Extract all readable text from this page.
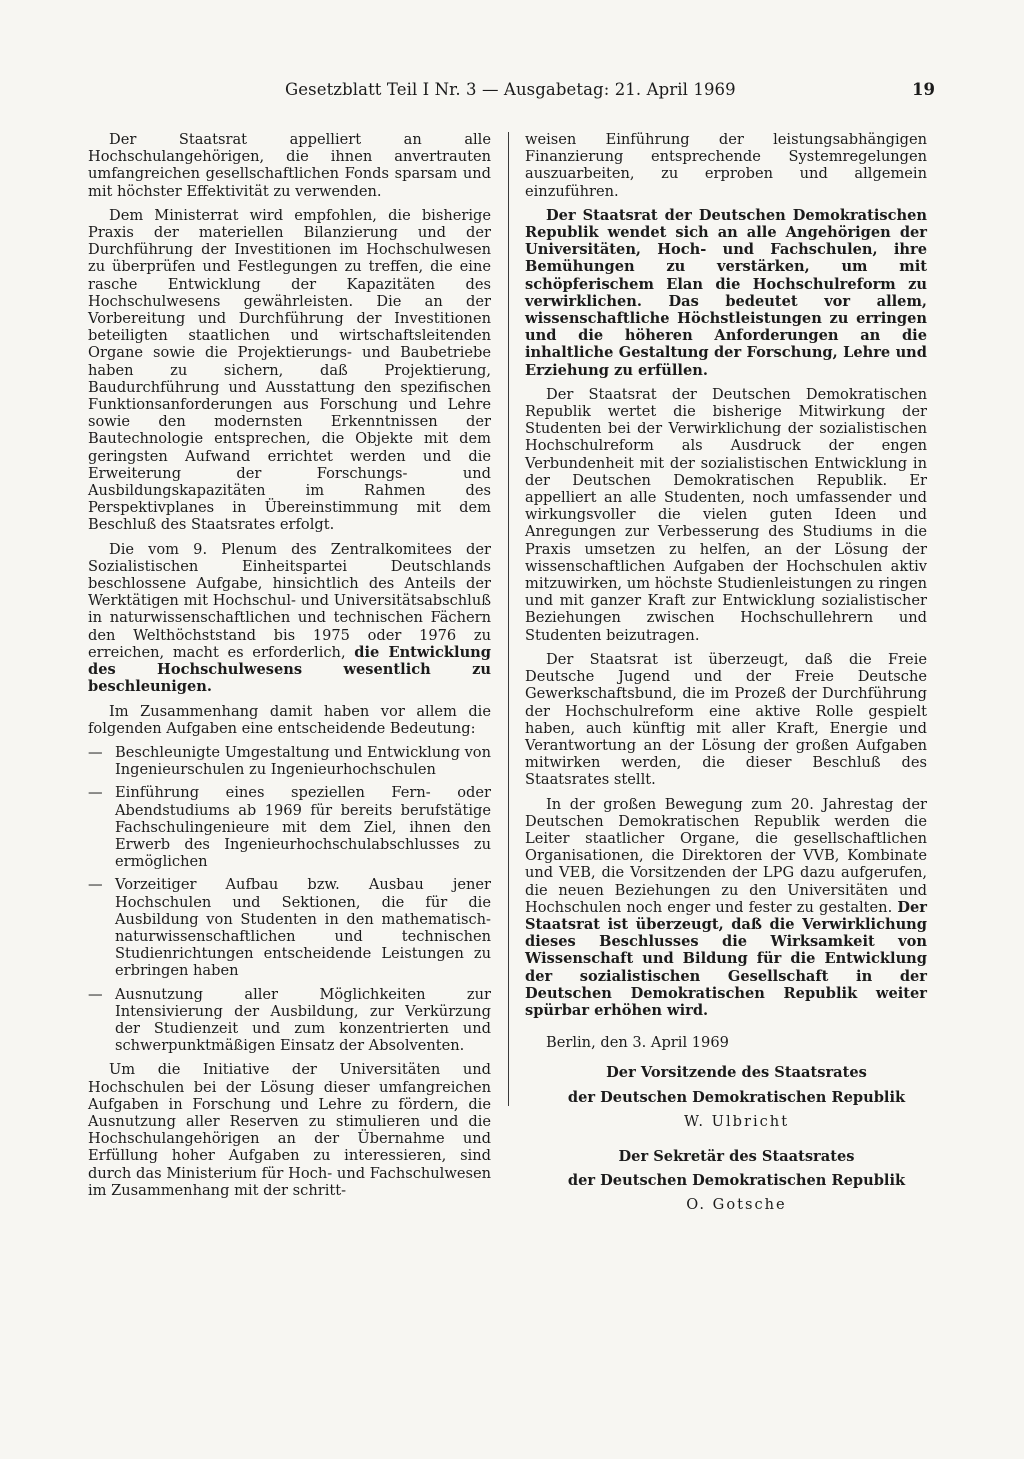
Gesetzblatt Teil I Nr. 3 — Ausgabetag: 21. April 1969	19

Der Staatsrat appelliert an alle Hochschulangehörigen, die ihnen anvertrauten umfangreichen gesellschaftlichen Fonds sparsam und mit höchster Effektivität zu verwenden.

Dem Ministerrat wird empfohlen, die bisherige Praxis der materiellen Bilanzierung und der Durchführung der Investitionen im Hochschulwesen zu überprüfen und Festlegungen zu treffen, die eine rasche Entwicklung der Kapazitäten des Hochschulwesens gewährleisten. Die an der Vorbereitung und Durchführung der Investitionen beteiligten staatlichen und wirtschaftsleitenden Organe sowie die Projektierungs- und Baubetriebe haben zu sichern, daß Projektierung, Baudurchführung und Ausstattung den spezifischen Funktionsanforderungen aus Forschung und Lehre sowie den modernsten Erkenntnissen der Bautechnologie entsprechen, die Objekte mit dem geringsten Aufwand errichtet werden und die Erweiterung der Forschungs- und Ausbildungskapazitäten im Rahmen des Perspektivplanes in Übereinstimmung mit dem Beschluß des Staatsrates erfolgt.

Die vom 9. Plenum des Zentralkomitees der Sozialistischen Einheitspartei Deutschlands beschlossene Aufgabe, hinsichtlich des Anteils der Werktätigen mit Hochschul- und Universitätsabschluß in naturwissenschaftlichen und technischen Fächern den Welthöchststand bis 1975 oder 1976 zu erreichen, macht es erforderlich, die Entwicklung des Hochschulwesens wesentlich zu beschleunigen.

Im Zusammenhang damit haben vor allem die folgenden Aufgaben eine entscheidende Bedeutung:

— Beschleunigte Umgestaltung und Entwicklung von Ingenieurschulen zu Ingenieurhochschulen
— Einführung eines speziellen Fern- oder Abendstudiums ab 1969 für bereits berufstätige Fachschulingenieure mit dem Ziel, ihnen den Erwerb des Ingenieurhochschulabschlusses zu ermöglichen
— Vorzeitiger Aufbau bzw. Ausbau jener Hochschulen und Sektionen, die für die Ausbildung von Studenten in den mathematisch-naturwissenschaftlichen und technischen Studienrichtungen entscheidende Leistungen zu erbringen haben
— Ausnutzung aller Möglichkeiten zur Intensivierung der Ausbildung, zur Verkürzung der Studienzeit und zum konzentrierten und schwerpunktmäßigen Einsatz der Absolventen.

Um die Initiative der Universitäten und Hochschulen bei der Lösung dieser umfangreichen Aufgaben in Forschung und Lehre zu fördern, die Ausnutzung aller Reserven zu stimulieren und die Hochschulangehörigen an der Übernahme und Erfüllung hoher Aufgaben zu interessieren, sind durch das Ministerium für Hoch- und Fachschulwesen im Zusammenhang mit der schritt-

weisen Einführung der leistungsabhängigen Finanzierung entsprechende Systemregelungen auszuarbeiten, zu erproben und allgemein einzuführen.

Der Staatsrat der Deutschen Demokratischen Republik wendet sich an alle Angehörigen der Universitäten, Hoch- und Fachschulen, ihre Bemühungen zu verstärken, um mit schöpferischem Elan die Hochschulreform zu verwirklichen. Das bedeutet vor allem, wissenschaftliche Höchstleistungen zu erringen und die höheren Anforderungen an die inhaltliche Gestaltung der Forschung, Lehre und Erziehung zu erfüllen.

Der Staatsrat der Deutschen Demokratischen Republik wertet die bisherige Mitwirkung der Studenten bei der Verwirklichung der sozialistischen Hochschulreform als Ausdruck der engen Verbundenheit mit der sozialistischen Entwicklung in der Deutschen Demokratischen Republik. Er appelliert an alle Studenten, noch umfassender und wirkungsvoller die vielen guten Ideen und Anregungen zur Verbesserung des Studiums in die Praxis umsetzen zu helfen, an der Lösung der wissenschaftlichen Aufgaben der Hochschulen aktiv mitzuwirken, um höchste Studienleistungen zu ringen und mit ganzer Kraft zur Entwicklung sozialistischer Beziehungen zwischen Hochschullehrern und Studenten beizutragen.

Der Staatsrat ist überzeugt, daß die Freie Deutsche Jugend und der Freie Deutsche Gewerkschaftsbund, die im Prozeß der Durchführung der Hochschulreform eine aktive Rolle gespielt haben, auch künftig mit aller Kraft, Energie und Verantwortung an der Lösung der großen Aufgaben mitwirken werden, die dieser Beschluß des Staatsrates stellt.

In der großen Bewegung zum 20. Jahrestag der Deutschen Demokratischen Republik werden die Leiter staatlicher Organe, die gesellschaftlichen Organisationen, die Direktoren der VVB, Kombinate und VEB, die Vorsitzenden der LPG dazu aufgerufen, die neuen Beziehungen zu den Universitäten und Hochschulen noch enger und fester zu gestalten. Der Staatsrat ist überzeugt, daß die Verwirklichung dieses Beschlusses die Wirksamkeit von Wissenschaft und Bildung für die Entwicklung der sozialistischen Gesellschaft in der Deutschen Demokratischen Republik weiter spürbar erhöhen wird.

Berlin, den 3. April 1969

Der Vorsitzende des Staatsrates

der Deutschen Demokratischen Republik

W. Ulbricht

Der Sekretär des Staatsrates

der Deutschen Demokratischen Republik

O. Gotsche
